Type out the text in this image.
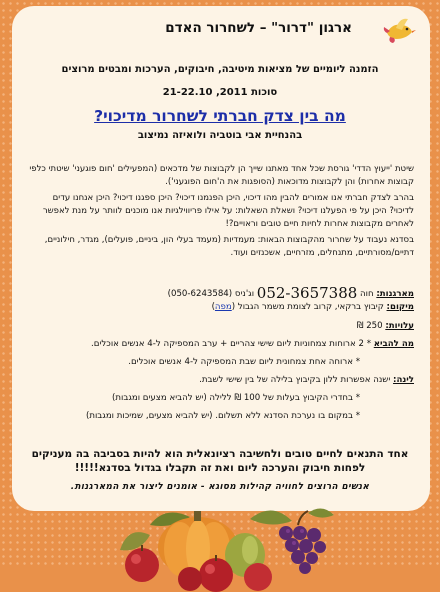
ארגון "דרור" – לשחרור האדם
הזמנה ליומיים של מציאות מיטיבה, חיבוקים, הערכות ומבטים מרוצים
סוכות 2011, 21-22.10
מה בין צדק חברתי לשחרור מדיכוי?
בהנחיית אבי בוטביה ולואיזה נמיצוב
שיטת 'ייעוץ הדדי' גורסת שכל אחד מאתנו שייך הן לקבוצות של מדכאים (המפעילים 'חום פוגעני' שיטתי כלפי קבוצות אחרות) והן לקבוצות מדוכאות (הסופגות את ה'חום הפוגעני').
בהרב לצדק חברתי אנו אמורים להבין מהו דיכוי, היכן הפנמנו דיכוי? היכן ספגנו דיכוי? היכן אנחנו עדים לדיכוי? היכן על פי הפעלנו דיכוי? ושאלת השאלות: על אילו פריווילגיות אנו מוכנים לוותר על מנת לאפשר לאחרים מקבוצות אחרות לחיות חיים טובים וראויים?!
בסדנא נעבוד על שחרור מהקבוצות הבאות: מעמדיות (מעמד בעלי הון, ביניים, פועלים), מגדר, חילוניים, דתיים/מסורתיים, מתנחלים, מזרחיים, אשכנזים ועוד.
מארגנות: חוה 052-3657388 וג'ניס (050-6243584)
מיקום: קיבוץ ברקאי, קרוב לצומת משמר הגבול (מפה)
עלויות: 250 ₪
מה להביא * 2 ארוחות צמחוניות ליום שישי צהריים + ערב המספיקה ל-4 אנשים אוכלים.
* ארוחה אחת צמחונית ליום שבת המספיקה ל-4 אנשים אוכלים.
לינה: ישנה אפשרות ללון בקיבוץ בלילה של בין שישי לשבת.
* בחדרי הקיבוץ בעלות של 100 ₪ ללילה (יש להביא מצעים ומגבות)
* במקום בו נערכת הסדנא ללא תשלום. (יש להביא מצעים, שמיכות ומגבות)
אחד התנאים לחיים טובים ולחשיבה רציונאלית הוא להיות בסביבה בה מעניקים
לפחות חיבוק והערכה ליום ואת זה תקבלו בגדול בסדנא!!!!!
אנשים הרוצים לחוויה קהילות מסוגא - אומנים ליצור את המארגנות.
